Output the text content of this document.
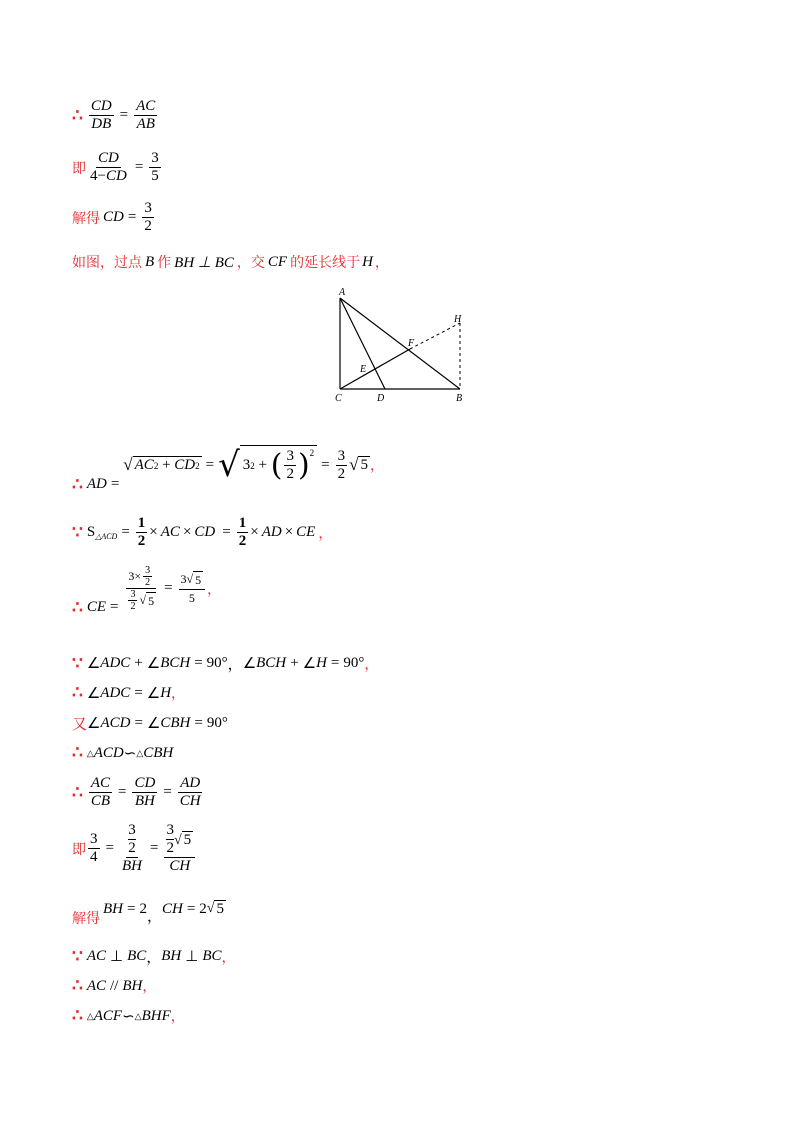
∴ $\frac{CD}{DB} = \frac{AC}{AB}$
即 $\frac{CD}{4-CD} = \frac{3}{5}$
解得 CD = $\frac{3}{2}$
如图，过点 B 作 BH ⊥ BC ，交 CF 的延长线于 H ，
A
H
F
E
C	D	B
∴ AD =
√ AC 2 + CD 2 = √ 3 2 + ( $\frac{3}{2} )^2$
= $\frac{3}{2}$ √ 5 ，
∵ S △ACD = $\frac{1}{2}$ × AC × CD = $\frac{1}{2}$ × AD × CE ，
∴ CE = $\frac{3\times \frac{3}{2}}{\frac{3}{2} √ 5} = \frac{3 √ 5}{5}$ ，
∵ ∠ ADC + ∠ BCH = 90° ， ∠ BCH + ∠ H = 90° ，
∴ ∠ ADC = ∠ H ，
又 ∠ ACD = ∠ CBH = 90°
∴ △ ACD ∽ △ CBH
∴ $\frac{AC}{CB} = \frac{CD}{BH} = \frac{AD}{CH}$
即 $\frac{3}{4} = 3$
2
BH = 3
2 √ 5
CH
解得
BH = 2 ， CH = 2 √ 5
∵ AC ⊥ BC ， BH ⊥ BC ，
∴ AC // BH ，
∴ △ ACF ∽ △ BHF ，
